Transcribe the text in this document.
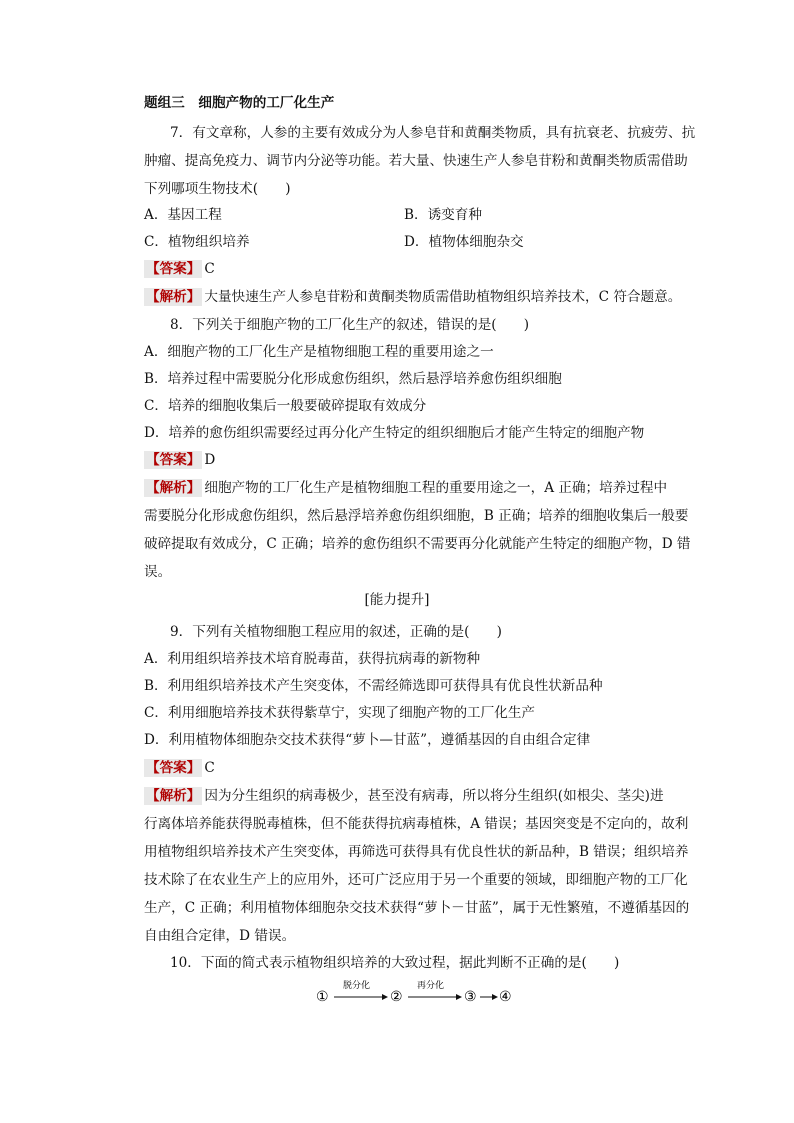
题组三　细胞产物的工厂化生产
7．有文章称，人参的主要有效成分为人参皂苷和黄酮类物质，具有抗衰老、抗疲劳、抗
肿瘤、提高免疫力、调节内分泌等功能。若大量、快速生产人参皂苷粉和黄酮类物质需借助
下列哪项生物技术(　　)
A．基因工程	B．诱变育种
C．植物组织培养	D．植物体细胞杂交
【答案】 C
【解析】 大量快速生产人参皂苷粉和黄酮类物质需借助植物组织培养技术，C 符合题意。
8．下列关于细胞产物的工厂化生产的叙述，错误的是(　　)
A．细胞产物的工厂化生产是植物细胞工程的重要用途之一
B．培养过程中需要脱分化形成愈伤组织，然后悬浮培养愈伤组织细胞
C．培养的细胞收集后一般要破碎提取有效成分
D．培养的愈伤组织需要经过再分化产生特定的组织细胞后才能产生特定的细胞产物
【答案】 D
【解析】 细胞产物的工厂化生产是植物细胞工程的重要用途之一，A 正确；培养过程中
需要脱分化形成愈伤组织，然后悬浮培养愈伤组织细胞，B 正确；培养的细胞收集后一般要
破碎提取有效成分，C 正确；培养的愈伤组织不需要再分化就能产生特定的细胞产物，D 错
误。
[能力提升]
9．下列有关植物细胞工程应用的叙述，正确的是(　　)
A．利用组织培养技术培育脱毒苗，获得抗病毒的新物种
B．利用组织培养技术产生突变体，不需经筛选即可获得具有优良性状新品种
C．利用细胞培养技术获得紫草宁，实现了细胞产物的工厂化生产
D．利用植物体细胞杂交技术获得“萝卜—甘蓝”，遵循基因的自由组合定律
【答案】 C
【解析】 因为分生组织的病毒极少，甚至没有病毒，所以将分生组织(如根尖、茎尖)进
行离体培养能获得脱毒植株，但不能获得抗病毒植株，A 错误；基因突变是不定向的，故利
用植物组织培养技术产生突变体，再筛选可获得具有优良性状的新品种，B 错误；组织培养
技术除了在农业生产上的应用外，还可广泛应用于另一个重要的领域，即细胞产物的工厂化
生产，C 正确；利用植物体细胞杂交技术获得“萝卜－甘蓝”，属于无性繁殖，不遵循基因的
自由组合定律，D 错误。
10．下面的简式表示植物组织培养的大致过程，据此判断不正确的是(　　)
①
脱分化
②
再分化
③ ④
